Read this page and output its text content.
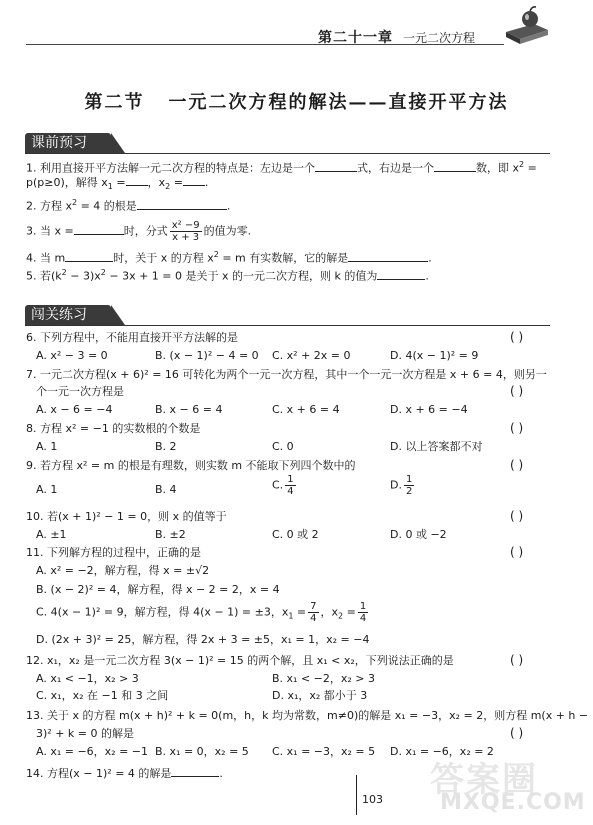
第二十一章 一元二次方程
第二节 一元二次方程的解法——直接开平方法
课前预习
1. 利用直接开平方法解一元二次方程的特点是：左边是一个	式，右边是一个	数，即 $x^2$ =
p(p≥0)，解得 $x_1$ = ，$x_2$ = .
2. 方程 $x^2 = 4$ 的根是	.
3. 当 x =	时，分式 $\frac{\text{x² −9}}{x + 3}$ 的值为零.
4. 当 m	时，关于 x 的方程 $x^2 = m$ 有实数解，它的解是	.
5. 若$(k^2 - 3)x^2 - 3x + 1 = 0$ 是关于 x 的一元二次方程，则 k 的值为	.
闯关练习
6. 下列方程中，不能用直接开平方法解的是	( )
A. x² − 3 = 0	B. (x − 1)² − 4 = 0 C. x² + 2x = 0	D. 4(x − 1)² = 9
7. 一元二次方程(x + 6)² = 16 可转化为两个一元一次方程，其中一个一元一次方程是 x + 6 = 4，则另一
个一元一次方程是	( )
A. x − 6 = −4	B. x − 6 = 4	C. x + 6 = 4	D. x + 6 = −4
8. 方程 x² = −1 的实数根的个数是	( )
A. 1	B. 2	C. 0	D. 以上答案都不对
9. 若方程 x² = m 的根是有理数，则实数 m 不能取下列四个数中的	( )
A. 1	B. 4	C. $\frac{1}{4}$	D. $\frac{1}{2}$
10. 若(x + 1)² − 1 = 0，则 x 的值等于	( )
A. ±1	B. ±2	C. 0 或 2	D. 0 或 −2
11. 下列解方程的过程中，正确的是	( )
A. x² = −2，解方程，得 x = ±√2
B. (x − 2)² = 4，解方程，得 x − 2 = 2，x = 4
C. 4(x − 1)² = 9，解方程，得 4(x − 1) = ±3，$x_1 = \frac{7}{4}$ ，$x_2 = \frac{1}{4}$
D. (2x + 3)² = 25，解方程，得 2x + 3 = ±5，x₁ = 1，x₂ = −4
12. x₁，x₂ 是一元二次方程 3(x − 1)² = 15 的两个解，且 x₁ < x₂，下列说法正确的是	( )
A. x₁ < −1，x₂ > 3	B. x₁ < −2，x₂ > 3
C. x₁，x₂ 在 −1 和 3 之间	D. x₁，x₂ 都小于 3
13. 关于 x 的方程 m(x + h)² + k = 0(m，h，k 均为常数，m≠0)的解是 x₁ = −3，x₂ = 2，则方程 m(x + h −
3)² + k = 0 的解是	( )
A. x₁ = −6，x₂ = −1 B. x₁ = 0，x₂ = 5 C. x₁ = −3，x₂ = 5 D. x₁ = −6，x₂ = 2
14. 方程(x − 1)² = 4 的解是	.	答案圈
MXQE.COM
103
